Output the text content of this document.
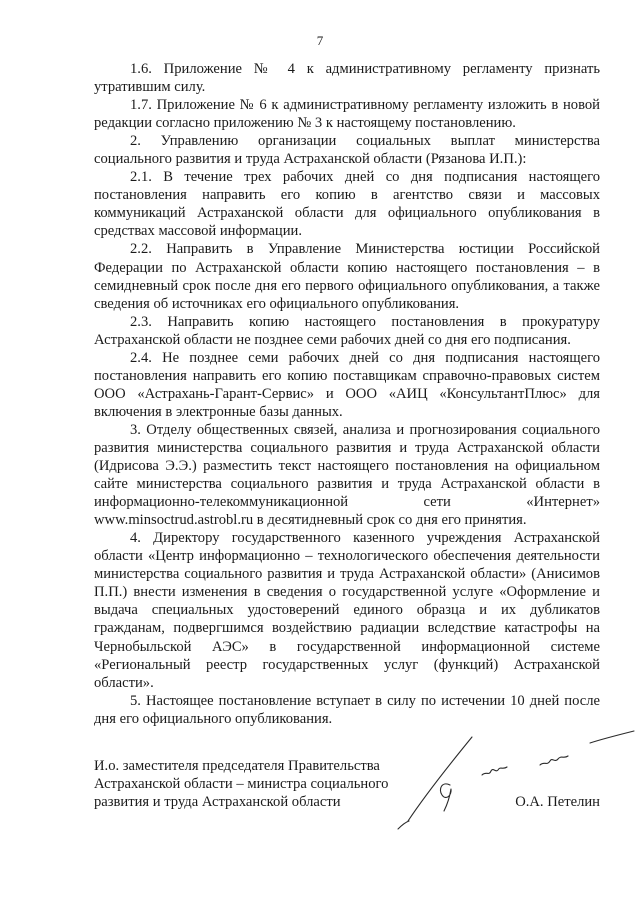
7

1.6. Приложение № 4 к административному регламенту признать утратившим силу.

1.7. Приложение № 6 к административному регламенту изложить в новой редакции согласно приложению № 3 к настоящему постановлению.

2. Управлению организации социальных выплат министерства социального развития и труда Астраханской области (Рязанова И.П.):

2.1. В течение трех рабочих дней со дня подписания настоящего постановления направить его копию в агентство связи и массовых коммуникаций Астраханской области для официального опубликования в средствах массовой информации.

2.2. Направить в Управление Министерства юстиции Российской Федерации по Астраханской области копию настоящего постановления – в семидневный срок после дня его первого официального опубликования, а также сведения об источниках его официального опубликования.

2.3. Направить копию настоящего постановления в прокуратуру Астраханской области не позднее семи рабочих дней со дня его подписания.

2.4. Не позднее семи рабочих дней со дня подписания настоящего постановления направить его копию поставщикам справочно-правовых систем ООО «Астрахань-Гарант-Сервис» и ООО «АИЦ «КонсультантПлюс» для включения в электронные базы данных.

3. Отделу общественных связей, анализа и прогнозирования социального развития министерства социального развития и труда Астраханской области (Идрисова Э.Э.) разместить текст настоящего постановления на официальном сайте министерства социального развития и труда Астраханской области в информационно-телекоммуникационной сети «Интернет» www.minsoctrud.astrobl.ru в десятидневный срок со дня его принятия.

4. Директору государственного казенного учреждения Астраханской области «Центр информационно – технологического обеспечения деятельности министерства социального развития и труда Астраханской области» (Анисимов П.П.) внести изменения в сведения о государственной услуге «Оформление и выдача специальных удостоверений единого образца и их дубликатов гражданам, подвергшимся воздействию радиации вследствие катастрофы на Чернобыльской АЭС» в государственной информационной системе «Региональный реестр государственных услуг (функций) Астраханской области».

5. Настоящее постановление вступает в силу по истечении 10 дней после дня его официального опубликования.

И.о. заместителя председателя Правительства
Астраханской области – министра социального
развития и труда Астраханской области	О.А. Петелин
